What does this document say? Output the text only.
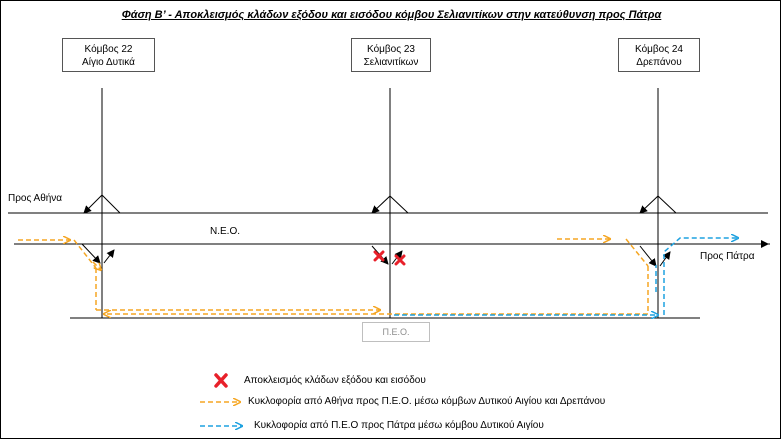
Φάση Β’ - Αποκλεισμός κλάδων εξόδου και εισόδου κόμβου Σελιανιτίκων στην κατεύθυνση προς Πάτρα
Κόμβος 22
Αίγιο Δυτικά
Κόμβος 23
Σελιανιτίκων
Κόμβος 24
Δρεπάνου
Προς Αθήνα
Προς Πάτρα
Ν.Ε.Ο.
Π.Ε.Ο.
Αποκλεισμός κλάδων εξόδου και εισόδου
Κυκλοφορία από Αθήνα προς Π.Ε.Ο. μέσω κόμβων Δυτικού Αιγίου και Δρεπάνου
Κυκλοφορία από Π.Ε.Ο προς Πάτρα μέσω κόμβου Δυτικού Αιγίου
